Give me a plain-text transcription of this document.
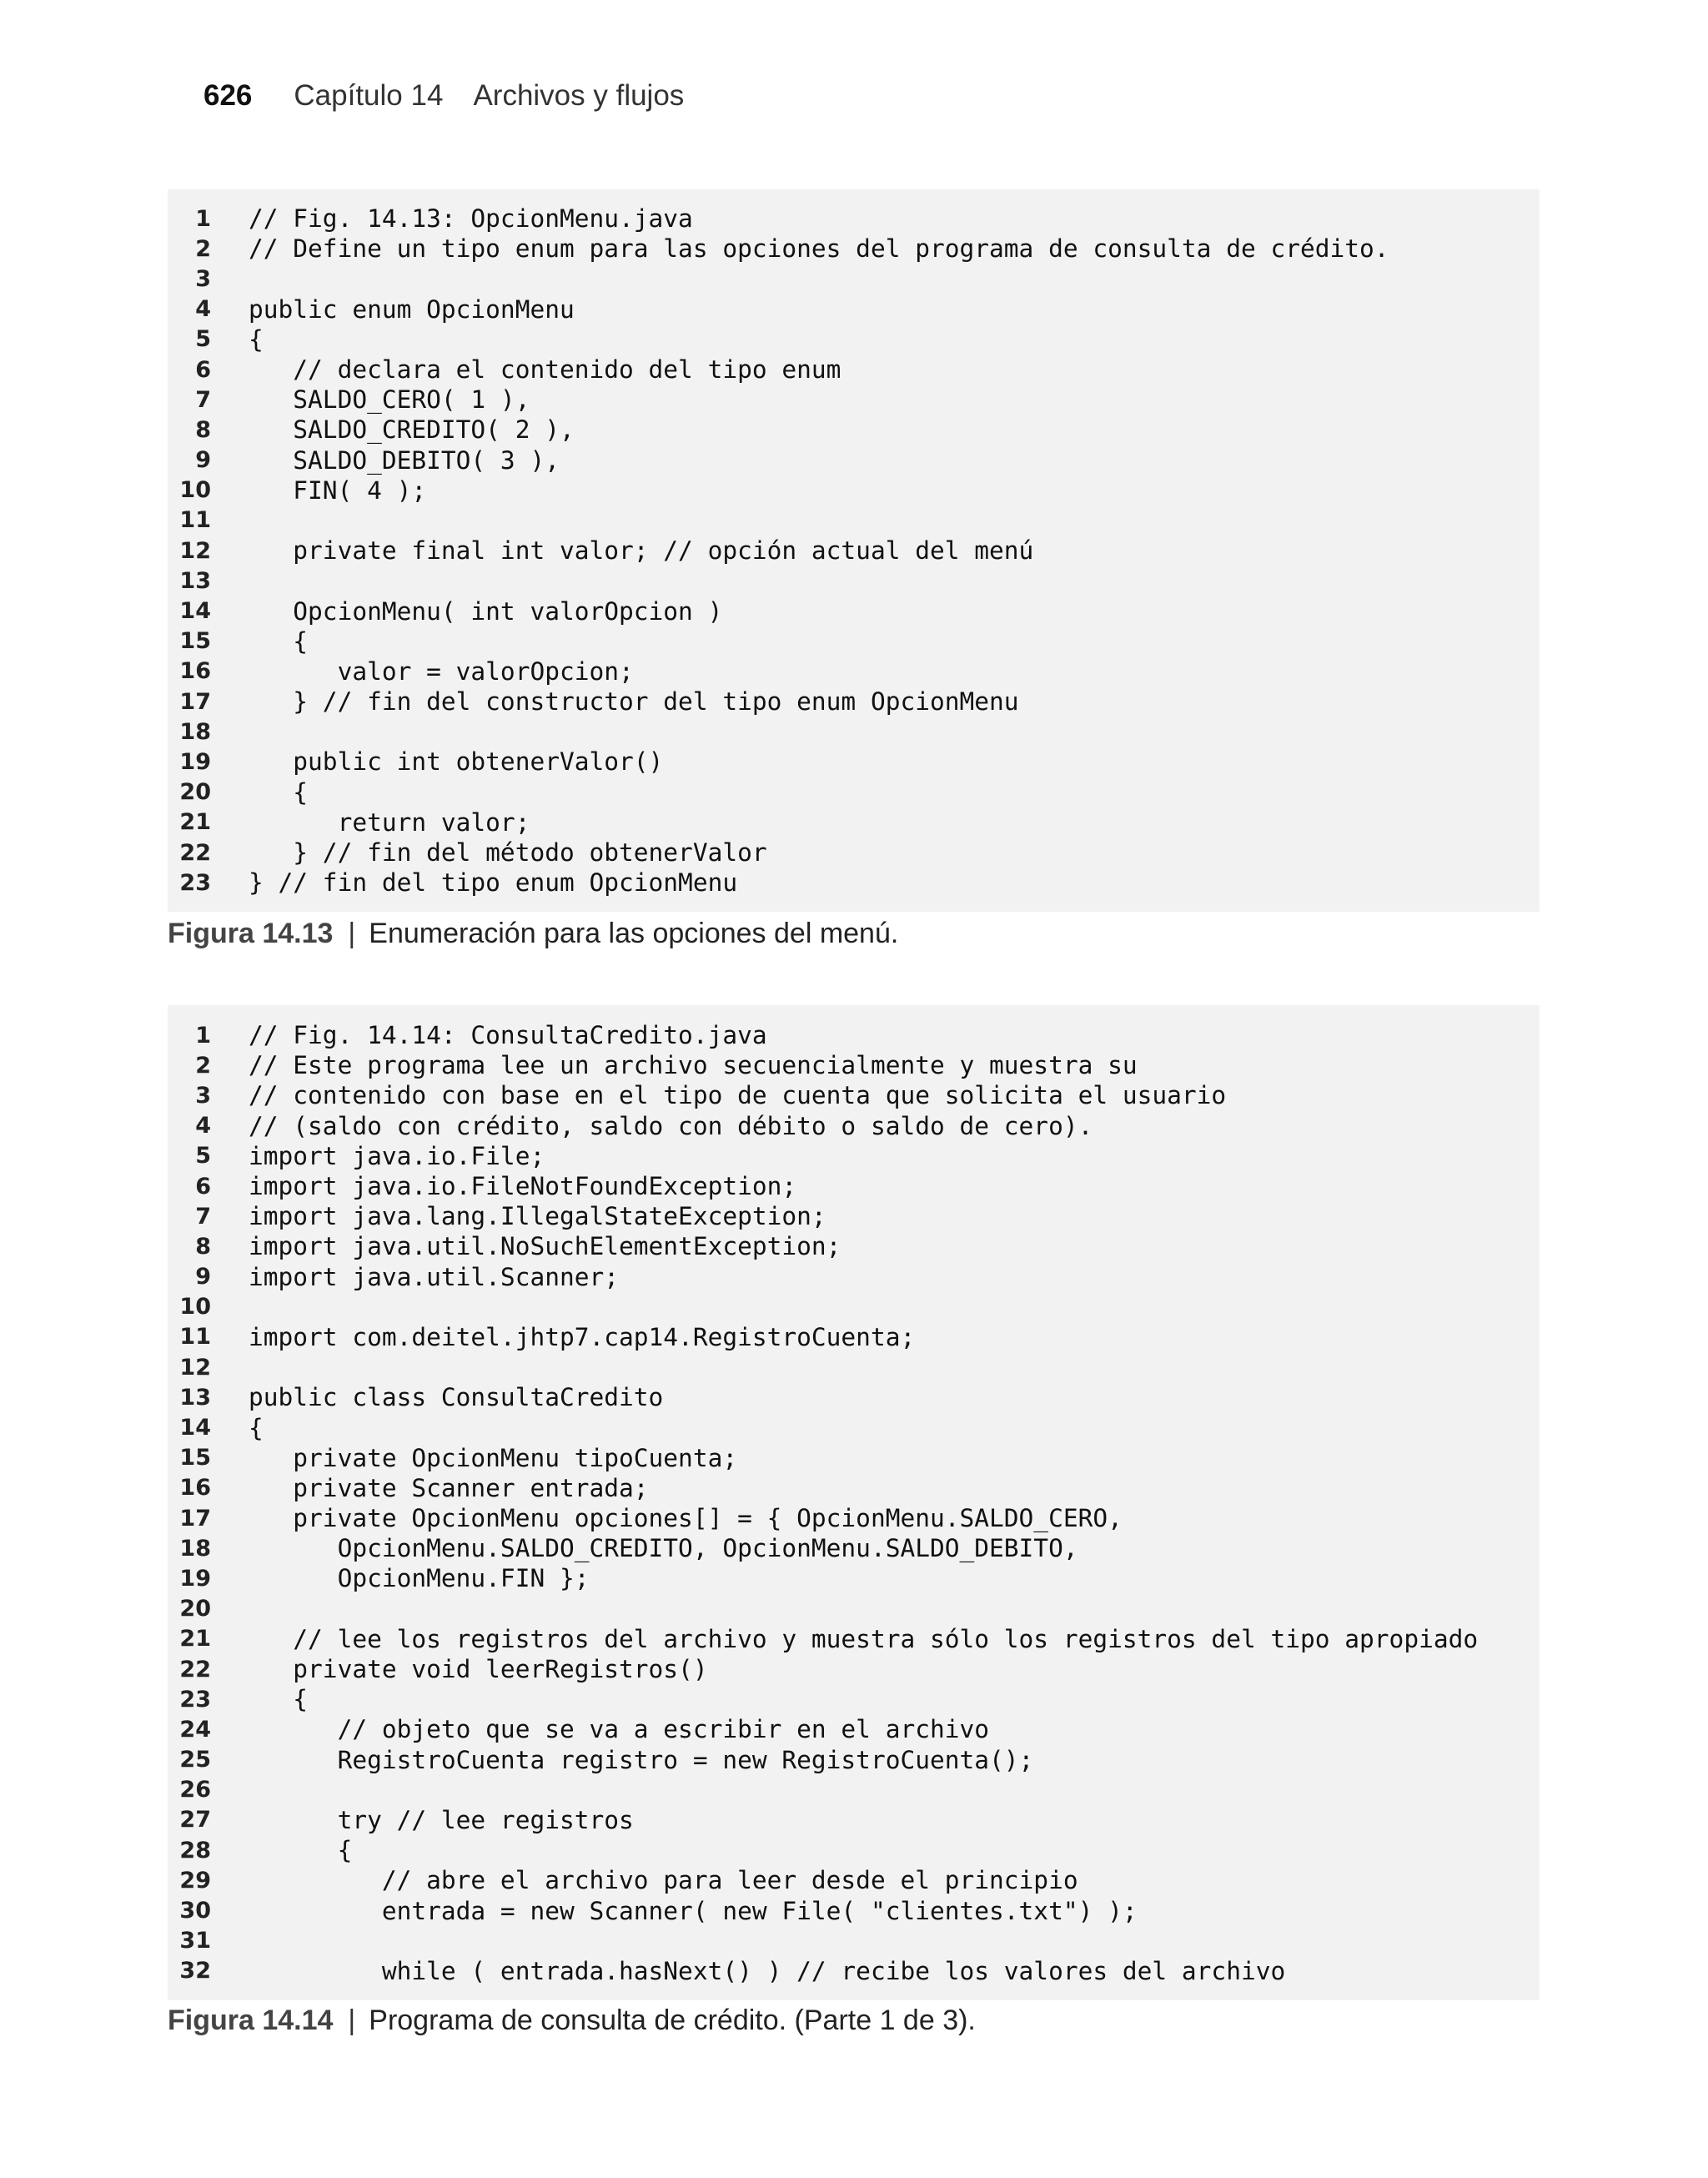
626 Capítulo 14 Archivos y flujos
1 // Fig. 14.13: OpcionMenu.java
2 // Define un tipo enum para las opciones del programa de consulta de crédito.
3
4 public enum OpcionMenu
5 {
6 // declara el contenido del tipo enum
7 SALDO_CERO( 1 ),
8 SALDO_CREDITO( 2 ),
9 SALDO_DEBITO( 3 ),
10 FIN( 4 );
11
12 private final int valor; // opción actual del menú
13
14 OpcionMenu( int valorOpcion )
15 {
16 valor = valorOpcion;
17 } // fin del constructor del tipo enum OpcionMenu
18
19 public int obtenerValor()
20 {
21 return valor;
22 } // fin del método obtenerValor
23 } // fin del tipo enum OpcionMenu
Figura 14.13 | Enumeración para las opciones del menú.
1 // Fig. 14.14: ConsultaCredito.java
2 // Este programa lee un archivo secuencialmente y muestra su
3 // contenido con base en el tipo de cuenta que solicita el usuario
4 // (saldo con crédito, saldo con débito o saldo de cero).
5 import java.io.File;
6 import java.io.FileNotFoundException;
7 import java.lang.IllegalStateException;
8 import java.util.NoSuchElementException;
9 import java.util.Scanner;
10
11 import com.deitel.jhtp7.cap14.RegistroCuenta;
12
13 public class ConsultaCredito
14 {
15 private OpcionMenu tipoCuenta;
16 private Scanner entrada;
17 private OpcionMenu opciones[] = { OpcionMenu.SALDO_CERO,
18 OpcionMenu.SALDO_CREDITO, OpcionMenu.SALDO_DEBITO,
19 OpcionMenu.FIN };
20
21 // lee los registros del archivo y muestra sólo los registros del tipo apropiado
22 private void leerRegistros()
23 {
24 // objeto que se va a escribir en el archivo
25 RegistroCuenta registro = new RegistroCuenta();
26
27 try // lee registros
28 {
29 // abre el archivo para leer desde el principio
30 entrada = new Scanner( new File( "clientes.txt") );
31
32 while ( entrada.hasNext() ) // recibe los valores del archivo
Figura 14.14 | Programa de consulta de crédito. (Parte 1 de 3).
